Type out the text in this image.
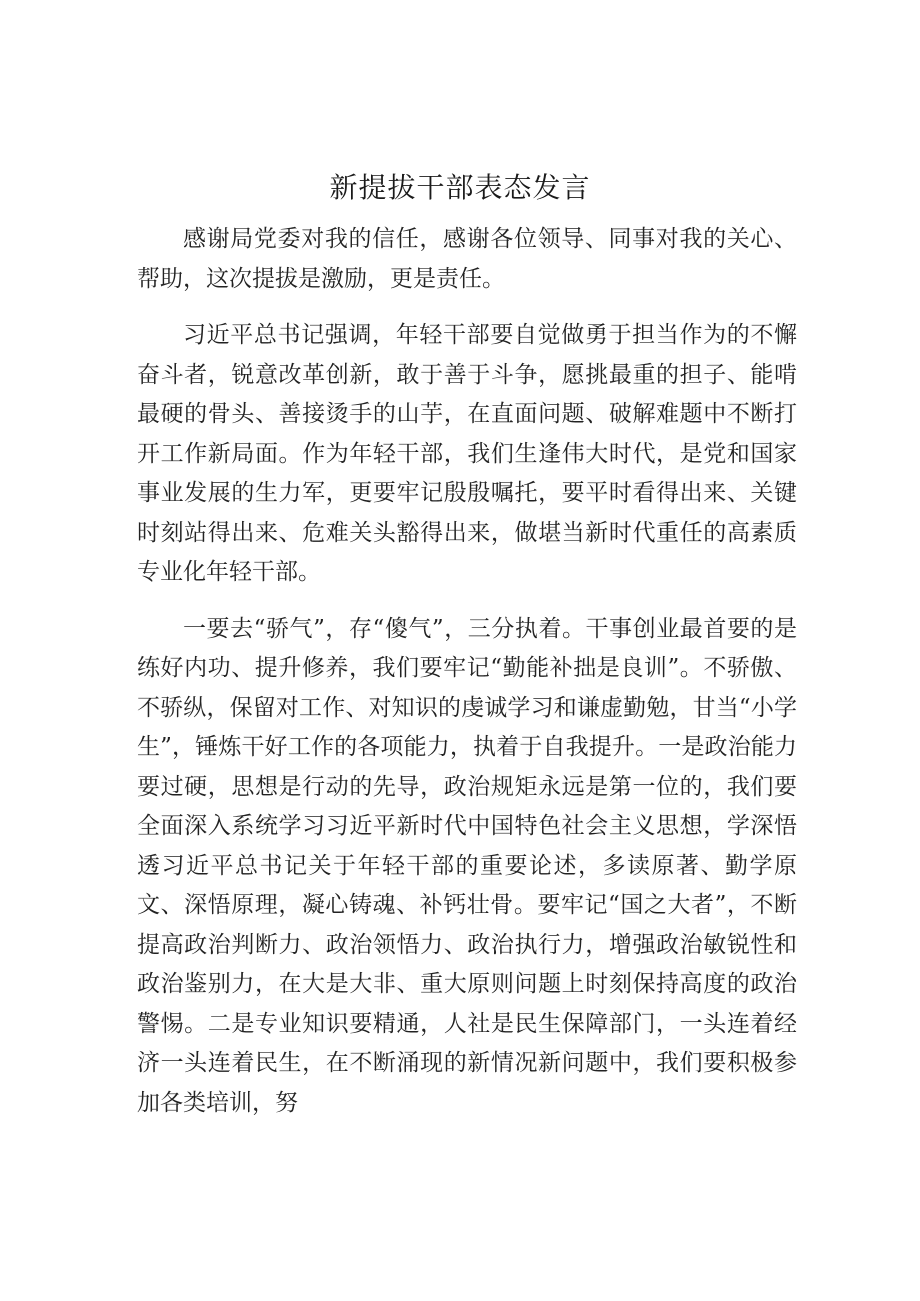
新提拔干部表态发言

感谢局党委对我的信任，感谢各位领导、同事对我的关心、帮助，这次提拔是激励，更是责任。

习近平总书记强调，年轻干部要自觉做勇于担当作为的不懈奋斗者，锐意改革创新，敢于善于斗争，愿挑最重的担子、能啃最硬的骨头、善接烫手的山芋，在直面问题、破解难题中不断打开工作新局面。作为年轻干部，我们生逢伟大时代，是党和国家事业发展的生力军，更要牢记殷殷嘱托，要平时看得出来、关键时刻站得出来、危难关头豁得出来，做堪当新时代重任的高素质专业化年轻干部。

一要去“骄气”，存“傻气”，三分执着。干事创业最首要的是练好内功、提升修养，我们要牢记“勤能补拙是良训”。不骄傲、不骄纵，保留对工作、对知识的虔诚学习和谦虚勤勉，甘当“小学生”，锤炼干好工作的各项能力，执着于自我提升。一是政治能力要过硬，思想是行动的先导，政治规矩永远是第一位的，我们要全面深入系统学习习近平新时代中国特色社会主义思想，学深悟透习近平总书记关于年轻干部的重要论述，多读原著、勤学原文、深悟原理，凝心铸魂、补钙壮骨。要牢记“国之大者”，不断提高政治判断力、政治领悟力、政治执行力，增强政治敏锐性和政治鉴别力，在大是大非、重大原则问题上时刻保持高度的政治警惕。二是专业知识要精通，人社是民生保障部门，一头连着经济一头连着民生，在不断涌现的新情况新问题中，我们要积极参加各类培训，努
